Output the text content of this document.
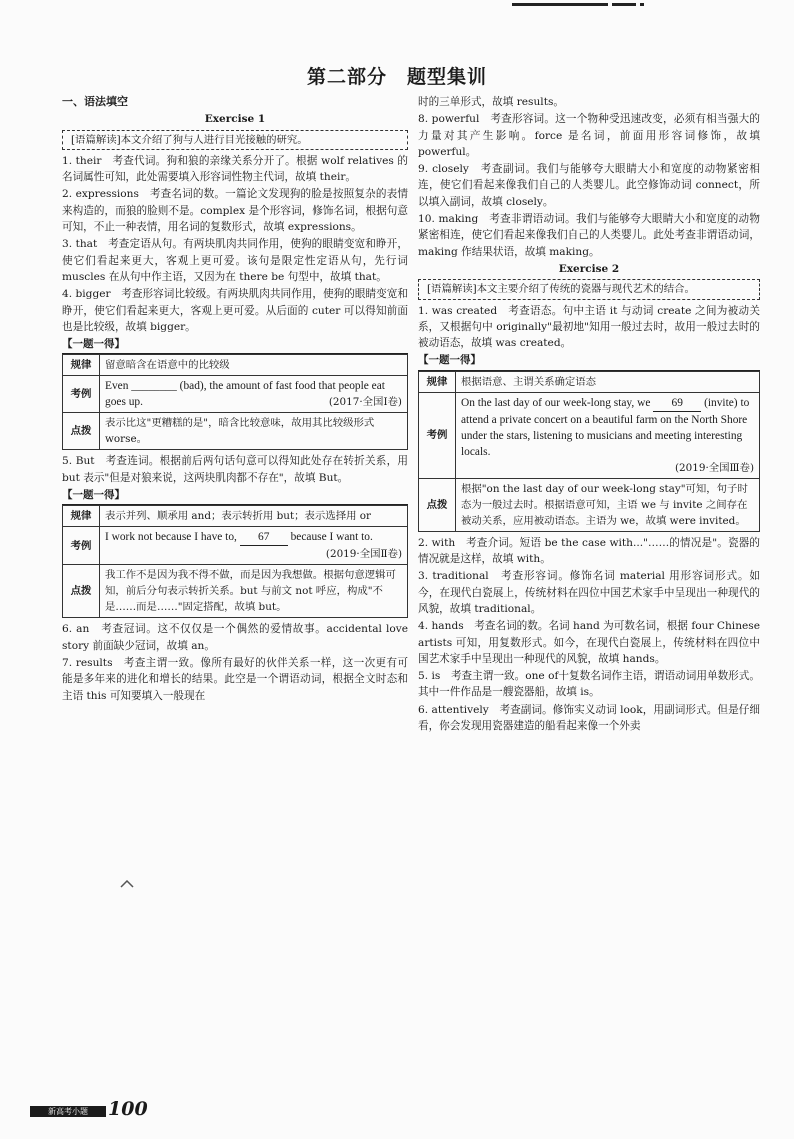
第二部分　题型集训
一、语法填空
Exercise 1
[语篇解读]本文介绍了狗与人进行目光接触的研究。
1. their　考查代词。狗和狼的亲缘关系分开了。根据 wolf relatives 的名词属性可知，此处需要填入形容词性物主代词，故填 their。
2. expressions　考查名词的数。一篇论文发现狗的脸是按照复杂的表情来构造的，而狼的脸则不是。complex 是个形容词，修饰名词，根据句意可知，不止一种表情，用名词的复数形式，故填 expressions。
3. that　考查定语从句。有两块肌肉共同作用，使狗的眼睛变宽和睁开，使它们看起来更大，客观上更可爱。该句是限定性定语从句，先行词 muscles 在从句中作主语，又因为在 there be 句型中，故填 that。
4. bigger　考查形容词比较级。有两块肌肉共同作用，使狗的眼睛变宽和睁开，使它们看起来更大，客观上更可爱。从后面的 cuter 可以得知前面也是比较级，故填 bigger。
【一题一得】
规律	留意暗含在语意中的比较级
考例	Even ________ (bad), the amount of fast food that people eat goes up. (2017·全国Ⅰ卷)

点拨	表示比这"更糟糕的是"，暗含比较意味，故用其比较级形式 worse。
5. But　考查连词。根据前后两句话句意可以得知此处存在转折关系，用 but 表示"但是对狼来说，这两块肌肉都不存在"，故填 But。
【一题一得】
规律	表示并列、顺承用 and；表示转折用 but；表示选择用 or
考例	I work not because I have to, 67 because I want to.
(2019·全国Ⅱ卷)

点拨	我工作不是因为我不得不做，而是因为我想做。根据句意逻辑可知，前后分句表示转折关系。but 与前文 not 呼应，构成"不是……而是……"固定搭配，故填 but。
6. an　考查冠词。这不仅仅是一个偶然的爱情故事。accidental love story 前面缺少冠词，故填 an。
7. results　考查主谓一致。像所有最好的伙伴关系一样，这一次更有可能是多年来的进化和增长的结果。此空是一个谓语动词，根据全文时态和主语 this 可知要填入一般现在
时的三单形式，故填 results。
8. powerful　考查形容词。这一个物种受迅速改变，必须有相当强大的力量对其产生影响。force 是名词，前面用形容词修饰，故填 powerful。
9. closely　考查副词。我们与能够夸大眼睛大小和宽度的动物紧密相连，使它们看起来像我们自己的人类婴儿。此空修饰动词 connect，所以填入副词，故填 closely。
10. making　考查非谓语动词。我们与能够夸大眼睛大小和宽度的动物紧密相连，使它们看起来像我们自己的人类婴儿。此处考查非谓语动词，making 作结果状语，故填 making。
Exercise 2
[语篇解读]本文主要介绍了传统的瓷器与现代艺术的结合。
1. was created　考查语态。句中主语 it 与动词 create 之间为被动关系，又根据句中 originally"最初地"知用一般过去时，故用一般过去时的被动语态，故填 was created。
【一题一得】
规律	根据语意、主谓关系确定语态
考例	On the last day of our week-long stay, we 69 (invite) to attend a private concert on a beautiful farm on the North Shore under the stars, listening to musicians and meeting interesting locals.

(2019·全国Ⅲ卷)

点拨	根据"on the last day of our week-long stay"可知，句子时态为一般过去时。根据语意可知，主语 we 与 invite 之间存在被动关系，应用被动语态。主语为 we，故填 were invited。
2. with　考查介词。短语 be the case with..."……的情况是"。瓷器的情况就是这样，故填 with。
3. traditional　考查形容词。修饰名词 material 用形容词形式。如今，在现代白瓷展上，传统材料在四位中国艺术家手中呈现出一种现代的风貌，故填 traditional。
4. hands　考查名词的数。名词 hand 为可数名词，根据 four Chinese artists 可知，用复数形式。如今，在现代白瓷展上，传统材料在四位中国艺术家手中呈现出一种现代的风貌，故填 hands。
5. is　考查主谓一致。one of十复数名词作主语，谓语动词用单数形式。其中一件作品是一艘瓷器船，故填 is。
6. attentively　考查副词。修饰实义动词 look，用副词形式。但是仔细看，你会发现用瓷器建造的船看起来像一个外卖
新高考小题	100
